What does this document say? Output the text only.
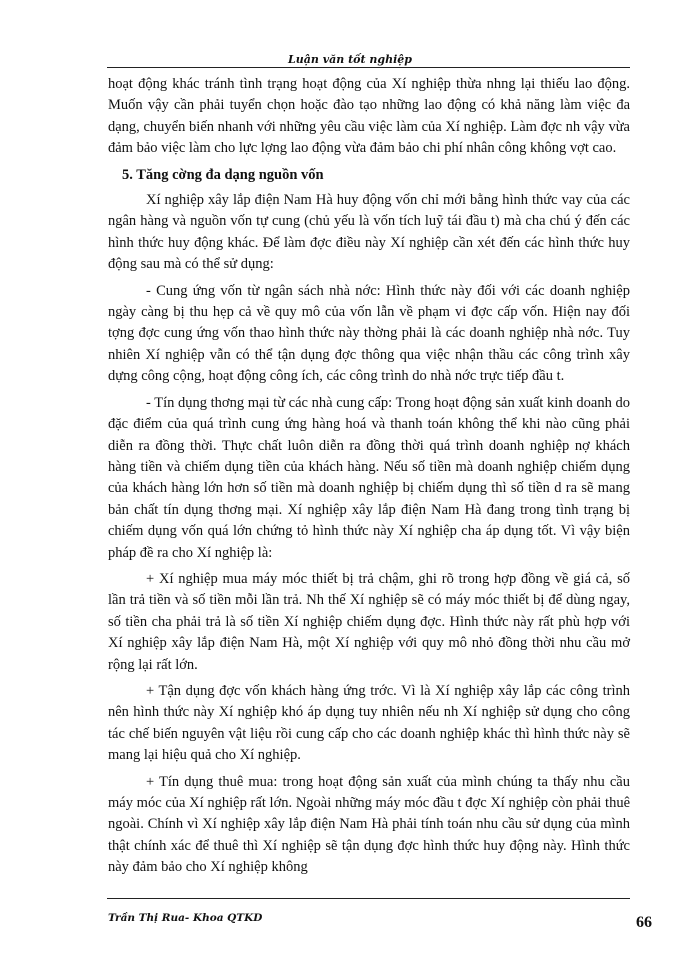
Luận văn tốt nghiệp

hoạt động khác tránh tình trạng hoạt động của Xí nghiệp thừa nhng lại thiếu lao động. Muốn vậy cần phải tuyển chọn hoặc đào tạo những lao động có khả năng làm việc đa dạng, chuyển biến nhanh với những yêu cầu việc làm của Xí nghiệp. Làm đợc nh vậy vừa đảm bảo việc làm cho lực lợng lao động vừa đảm bảo chi phí nhân công không vợt cao.

5. Tăng cờng đa dạng nguồn vốn

Xí nghiệp xây lắp điện Nam Hà huy động vốn chỉ mới bằng hình thức vay của các ngân hàng và nguồn vốn tự cung (chủ yếu là vốn tích luỹ tái đầu t) mà cha chú ý đến các hình thức huy động khác. Để làm đợc điều này Xí nghiệp cần xét đến các hình thức huy động sau mà có thể sử dụng:

- Cung ứng vốn từ ngân sách nhà nớc: Hình thức này đối với các doanh nghiệp ngày càng bị thu hẹp cả về quy mô của vốn lẫn về phạm vi đợc cấp vốn. Hiện nay đối tợng đợc cung ứng vốn thao hình thức này thờng phải là các doanh nghiệp nhà nớc. Tuy nhiên Xí nghiệp vẫn có thể tận dụng đợc thông qua việc nhận thầu các công trình xây dựng công cộng, hoạt động công ích, các công trình do nhà nớc trực tiếp đầu t.

- Tín dụng thơng mại từ các nhà cung cấp: Trong hoạt động sản xuất kinh doanh do đặc điểm của quá trình cung ứng hàng hoá và thanh toán không thể khi nào cũng phải diễn ra đồng thời. Thực chất luôn diễn ra đồng thời quá trình doanh nghiệp nợ khách hàng tiền và chiếm dụng tiền của khách hàng. Nếu số tiền mà doanh nghiệp chiếm dụng của khách hàng lớn hơn số tiền mà doanh nghiệp bị chiếm dụng thì số tiền d ra sẽ mang bản chất tín dụng thơng mại. Xí nghiệp xây lắp điện Nam Hà đang trong tình trạng bị chiếm dụng vốn quá lớn chứng tỏ hình thức này Xí nghiệp cha áp dụng tốt. Vì vậy biện pháp đề ra cho Xí nghiệp là:

+ Xí nghiệp mua máy móc thiết bị trả chậm, ghi rõ trong hợp đồng về giá cả, số lần trả tiền và số tiền mỗi lần trả. Nh thế Xí nghiệp sẽ có máy móc thiết bị để dùng ngay, số tiền cha phải trả là số tiền Xí nghiệp chiếm dụng đợc. Hình thức này rất phù hợp với Xí nghiệp xây lắp điện Nam Hà, một Xí nghiệp với quy mô nhỏ đồng thời nhu cầu mở rộng lại rất lớn.

+ Tận dụng đợc vốn khách hàng ứng trớc. Vì là Xí nghiệp xây lắp các công trình nên hình thức này Xí nghiệp khó áp dụng tuy nhiên nếu nh Xí nghiệp sử dụng cho công tác chế biến nguyên vật liệu rồi cung cấp cho các doanh nghiệp khác thì hình thức này sẽ mang lại hiệu quả cho Xí nghiệp.

+ Tín dụng thuê mua: trong hoạt động sản xuất của mình chúng ta thấy nhu cầu máy móc của Xí nghiệp rất lớn. Ngoài những máy móc đầu t đợc Xí nghiệp còn phải thuê ngoài. Chính vì Xí nghiệp xây lắp điện Nam Hà phải tính toán nhu cầu sử dụng của mình thật chính xác để thuê thì Xí nghiệp sẽ tận dụng đợc hình thức huy động này. Hình thức này đảm bảo cho Xí nghiệp không

Trần Thị Rua- Khoa QTKD	66
